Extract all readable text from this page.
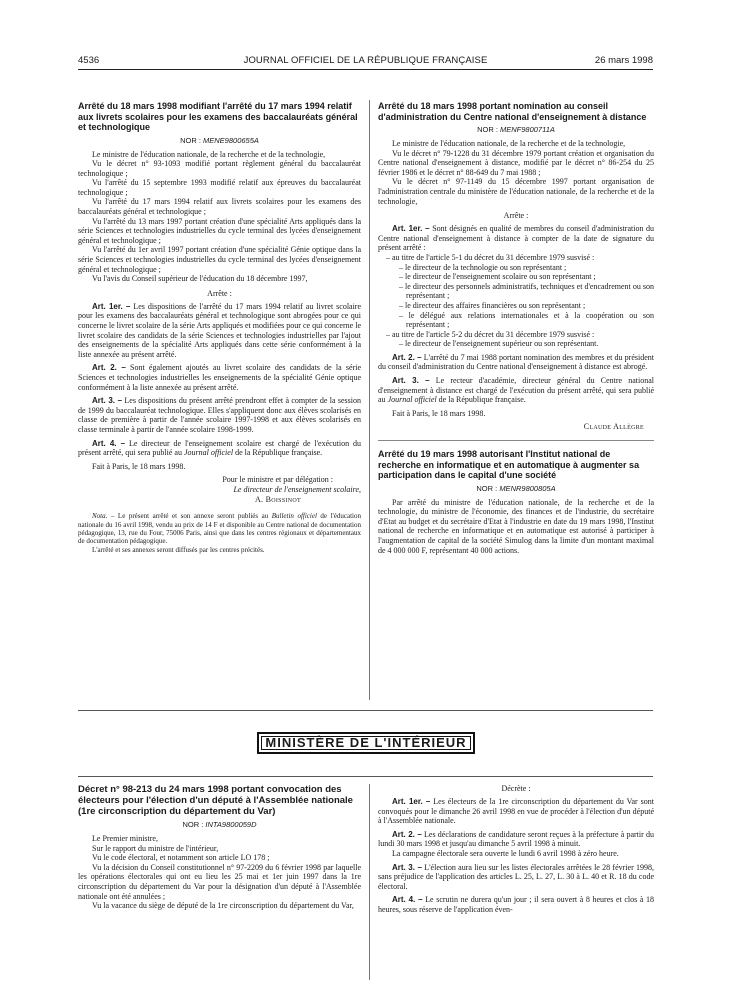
4536	JOURNAL OFFICIEL DE LA RÉPUBLIQUE FRANÇAISE	26 mars 1998
Arrêté du 18 mars 1998 modifiant l'arrêté du 17 mars 1994 relatif aux livrets scolaires pour les examens des baccalauréats général et technologique
NOR : MENE9800655A

Le ministre de l'éducation nationale, de la recherche et de la technologie,

Vu le décret n° 93-1093 modifié portant règlement général du baccalauréat technologique ;

Vu l'arrêté du 15 septembre 1993 modifié relatif aux épreuves du baccalauréat technologique ;

Vu l'arrêté du 17 mars 1994 relatif aux livrets scolaires pour les examens des baccalauréats général et technologique ;

Vu l'arrêté du 13 mars 1997 portant création d'une spécialité Arts appliqués dans la série Sciences et technologies industrielles du cycle terminal des lycées d'enseignement général et technologique ;

Vu l'arrêté du 1er avril 1997 portant création d'une spécialité Génie optique dans la série Sciences et technologies industrielles du cycle terminal des lycées d'enseignement général et technologique ;

Vu l'avis du Conseil supérieur de l'éducation du 18 décembre 1997,

Arrête :

Art. 1er. – Les dispositions de l'arrêté du 17 mars 1994 relatif au livret scolaire pour les examens des baccalauréats général et technologique sont abrogées pour ce qui concerne le livret scolaire de la série Arts appliqués et modifiées pour ce qui concerne le livret scolaire des candidats de la série Sciences et technologies industrielles par l'ajout des enseignements de la spécialité Arts appliqués dans cette série conformément à la liste annexée au présent arrêté.

Art. 2. – Sont également ajoutés au livret scolaire des candidats de la série Sciences et technologies industrielles les enseignements de la spécialité Génie optique conformément à la liste annexée au présent arrêté.

Art. 3. – Les dispositions du présent arrêté prendront effet à compter de la session de 1999 du baccalauréat technologique. Elles s'appliquent donc aux élèves scolarisés en classe de première à partir de l'année scolaire 1997-1998 et aux élèves scolarisés en classe terminale à partir de l'année scolaire 1998-1999.

Art. 4. – Le directeur de l'enseignement scolaire est chargé de l'exécution du présent arrêté, qui sera publié au Journal officiel de la République française.

Fait à Paris, le 18 mars 1998.

Pour le ministre et par délégation :
Le directeur de l'enseignement scolaire,
A. Boissinot

Nota. – Le présent arrêté et son annexe seront publiés au Bulletin officiel de l'éducation nationale du 16 avril 1998, vendu au prix de 14 F et disponible au Centre national de documentation pédagogique, 13, rue du Four, 75006 Paris, ainsi que dans les centres régionaux et départementaux de documentation pédagogique.

L'arrêté et ses annexes seront diffusés par les centres précités.

Arrêté du 18 mars 1998 portant nomination au conseil d'administration du Centre national d'enseignement à distance
NOR : MENF9800711A

Le ministre de l'éducation nationale, de la recherche et de la technologie,

Vu le décret n° 79-1228 du 31 décembre 1979 portant création et organisation du Centre national d'enseignement à distance, modifié par le décret n° 86-254 du 25 février 1986 et le décret n° 88-649 du 7 mai 1988 ;

Vu le décret n° 97-1149 du 15 décembre 1997 portant organisation de l'administration centrale du ministère de l'éducation nationale, de la recherche et de la technologie,

Arrête :

Art. 1er. – Sont désignés en qualité de membres du conseil d'administration du Centre national d'enseignement à distance à compter de la date de signature du présent arrêté :

– au titre de l'article 5-1 du décret du 31 décembre 1979 susvisé :

– le directeur de la technologie ou son représentant ;

– le directeur de l'enseignement scolaire ou son représentant ;

– le directeur des personnels administratifs, techniques et d'encadrement ou son représentant ;

– le directeur des affaires financières ou son représentant ;

– le délégué aux relations internationales et à la coopération ou son représentant ;

– au titre de l'article 5-2 du décret du 31 décembre 1979 susvisé :

– le directeur de l'enseignement supérieur ou son représentant.

Art. 2. – L'arrêté du 7 mai 1988 portant nomination des membres et du président du conseil d'administration du Centre national d'enseignement à distance est abrogé.

Art. 3. – Le recteur d'académie, directeur général du Centre national d'enseignement à distance est chargé de l'exécution du présent arrêté, qui sera publié au Journal officiel de la République française.

Fait à Paris, le 18 mars 1998.

Claude Allègre
Arrêté du 19 mars 1998 autorisant l'Institut national de recherche en informatique et en automatique à augmenter sa participation dans le capital d'une société
NOR : MENR9800805A

Par arrêté du ministre de l'éducation nationale, de la recherche et de la technologie, du ministre de l'économie, des finances et de l'industrie, du secrétaire d'Etat au budget et du secrétaire d'Etat à l'industrie en date du 19 mars 1998, l'Institut national de recherche en informatique et en automatique est autorisé à participer à l'augmentation de capital de la société Simulog dans la limite d'un montant maximal de 4 000 000 F, représentant 40 000 actions.

MINISTÈRE DE L'INTÉRIEUR
Décret n° 98-213 du 24 mars 1998 portant convocation des électeurs pour l'élection d'un député à l'Assemblée nationale (1re circonscription du département du Var)
NOR : INTA9800059D

Le Premier ministre,

Sur le rapport du ministre de l'intérieur,

Vu le code électoral, et notamment son article LO 178 ;

Vu la décision du Conseil constitutionnel n° 97-2209 du 6 février 1998 par laquelle les opérations électorales qui ont eu lieu les 25 mai et 1er juin 1997 dans la 1re circonscription du département du Var pour la désignation d'un député à l'Assemblée nationale ont été annulées ;

Vu la vacance du siège de député de la 1re circonscription du département du Var,

Décrète :

Art. 1er. – Les électeurs de la 1re circonscription du département du Var sont convoqués pour le dimanche 26 avril 1998 en vue de procéder à l'élection d'un député à l'Assemblée nationale.

Art. 2. – Les déclarations de candidature seront reçues à la préfecture à partir du lundi 30 mars 1998 et jusqu'au dimanche 5 avril 1998 à minuit.

La campagne électorale sera ouverte le lundi 6 avril 1998 à zéro heure.

Art. 3. – L'élection aura lieu sur les listes électorales arrêtées le 28 février 1998, sans préjudice de l'application des articles L. 25, L. 27, L. 30 à L. 40 et R. 18 du code électoral.

Art. 4. – Le scrutin ne durera qu'un jour ; il sera ouvert à 8 heures et clos à 18 heures, sous réserve de l'application éven-
